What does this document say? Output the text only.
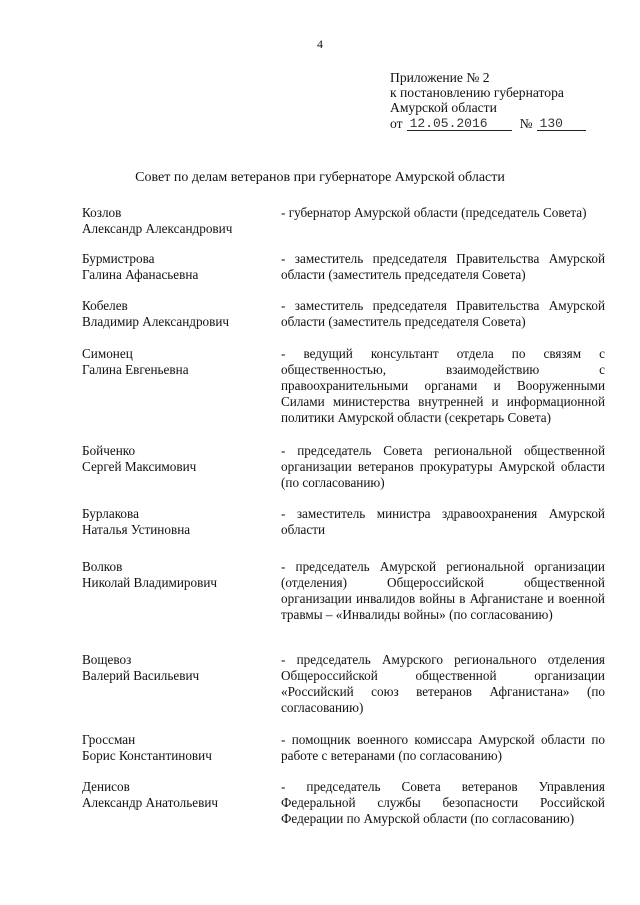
4
Приложение № 2
к постановлению губернатора
Амурской области
от 12.05.2016	№ 130
Совет по делам ветеранов при губернаторе Амурской области
Козлов
Александр Александрович
- губернатор Амурской области (председатель Совета)
Бурмистрова
Галина Афанасьевна
- заместитель председателя Правительства Амурской области (заместитель председателя Совета)
Кобелев
Владимир Александрович
- заместитель председателя Правительства Амурской области (заместитель председателя Совета)
Симонец
Галина Евгеньевна
- ведущий консультант отдела по связям с общественностью, взаимодействию с правоохранительными органами и Вооруженными Силами министерства внутренней и информационной политики Амурской области (секретарь Совета)
Бойченко
Сергей Максимович
- председатель Совета региональной общественной организации ветеранов прокуратуры Амурской области (по согласованию)
Бурлакова
Наталья Устиновна
- заместитель министра здравоохранения Амурской области
Волков
Николай Владимирович
- председатель Амурской региональной организации (отделения) Общероссийской общественной организации инвалидов войны в Афганистане и военной травмы – «Инвалиды войны» (по согласованию)
Вощевоз
Валерий Васильевич
- председатель Амурского регионального отделения Общероссийской общественной организации «Российский союз ветеранов Афганистана» (по согласованию)
Гроссман
Борис Константинович
- помощник военного комиссара Амурской области по работе с ветеранами (по согласованию)
Денисов
Александр Анатольевич
- председатель Совета ветеранов Управления Федеральной службы безопасности Российской Федерации по Амурской области (по согласованию)
